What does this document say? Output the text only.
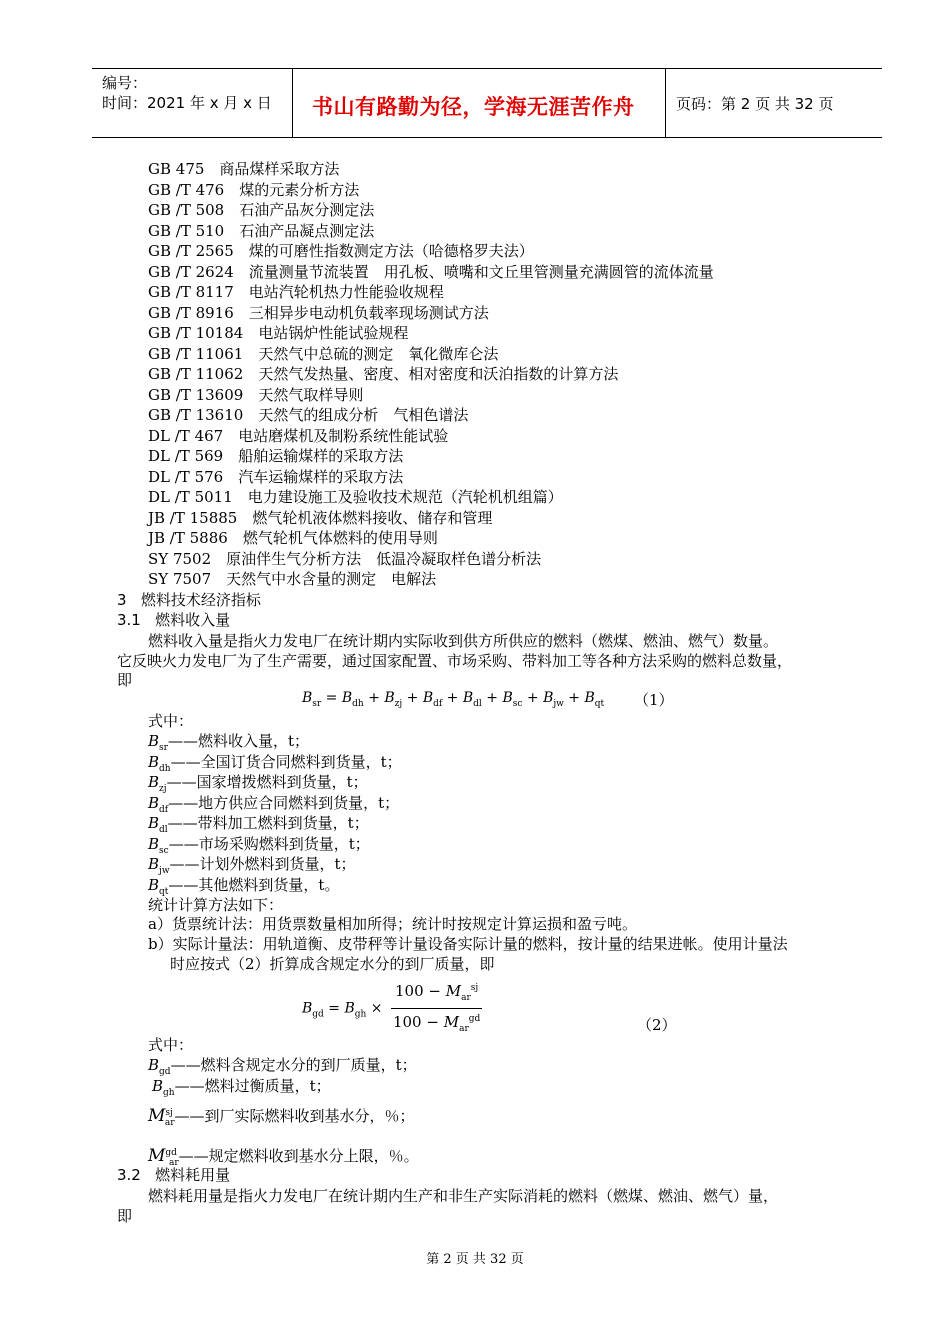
编号：
时间：2021 年 x 月 x 日 书山有路勤为径，学海无涯苦作舟	页码：第 2 页 共 32 页
GB 475  商品煤样采取方法
GB /T 476  煤的元素分析方法
GB /T 508  石油产品灰分测定法
GB /T 510  石油产品凝点测定法
GB /T 2565  煤的可磨性指数测定方法（哈德格罗夫法）
GB /T 2624  流量测量节流装置　用孔板、喷嘴和文丘里管测量充满圆管的流体流量
GB /T 8117  电站汽轮机热力性能验收规程
GB /T 8916  三相异步电动机负载率现场测试方法
GB /T 10184  电站锅炉性能试验规程
GB /T 11061  天然气中总硫的测定　氧化微库仑法
GB /T 11062  天然气发热量、密度、相对密度和沃泊指数的计算方法
GB /T 13609  天然气取样导则
GB /T 13610  天然气的组成分析　气相色谱法
DL /T 467  电站磨煤机及制粉系统性能试验
DL /T 569  船舶运输煤样的采取方法
DL /T 576  汽车运输煤样的采取方法
DL /T 5011  电力建设施工及验收技术规范（汽轮机机组篇）
JB /T 15885  燃气轮机液体燃料接收、储存和管理
JB /T 5886  燃气轮机气体燃料的使用导则
SY 7502  原油伴生气分析方法　低温冷凝取样色谱分析法
SY 7507  天然气中水含量的测定　电解法
3 燃料技术经济指标
3.1 燃料收入量
燃料收入量是指火力发电厂在统计期内实际收到供方所供应的燃料（燃煤、燃油、燃气）数量。
它反映火力发电厂为了生产需要，通过国家配置、市场采购、带料加工等各种方法采购的燃料总数量，
即
$B_{sr} = B_{dh} + B_{zj} + B_{df} + B_{dl} + B_{sc} + B_{jw} + B_{qt}$ （1）
式中：
$B_{sr}——$燃料收入量，t；
$B_{dh}——$全国订货合同燃料到货量，t；
$B_{zj}——$国家增拨燃料到货量，t；
$B_{df}——$地方供应合同燃料到货量，t；
$B_{dl}——$带料加工燃料到货量，t；
$B_{sc}——$市场采购燃料到货量，t；
$B_{jw}——$计划外燃料到货量，t；
$B_{qt}——$其他燃料到货量，t。
统计计算方法如下：
a）货票统计法：用货票数量相加所得；统计时按规定计算运损和盈亏吨。
b）实际计量法：用轨道衡、皮带秤等计量设备实际计量的燃料，按计量的结果进帐。使用计量法
时应按式（2）折算成含规定水分的到厂质量，即
$B_{gd} = B_{gh} \times \frac{100 - M_{ar}^{sj}}{100 - M_{ar}^{gd}}$	（2）
式中：
$B_{gd}——$燃料含规定水分的到厂质量，t；
$B_{gh}——$燃料过衡质量，t；
$M^{sj}_{ar}——$到厂实际燃料收到基水分，％；
$M^{gd}_{ar}——$规定燃料收到基水分上限，％。
3.2 燃料耗用量
燃料耗用量是指火力发电厂在统计期内生产和非生产实际消耗的燃料（燃煤、燃油、燃气）量，
即
第 2 页 共 32 页
